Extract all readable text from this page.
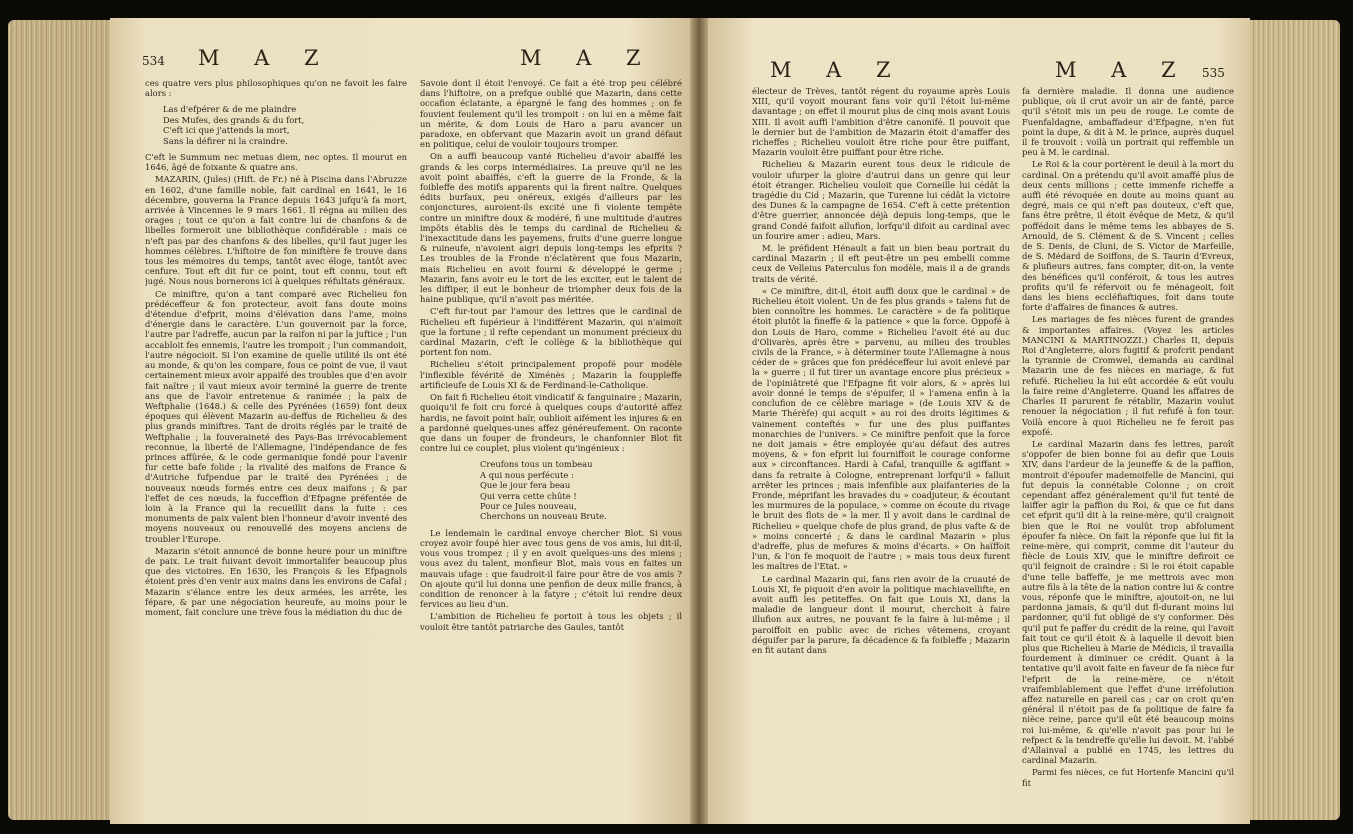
534 M A Z	M A Z	M A Z	M A Z 535

ces quatre vers plus philosophiques qu'on ne favoit les faire alors :

Las d'efpérer & de me plaindre
Des Mufes, des grands & du fort,
C'eft ici que j'attends la mort,
Sans la défirer ni la craindre.

C'eft le Summum nec metuas diem, nec optes. Il mourut en 1646, âgé de foixante & quatre ans.

MAZARIN, (Jules) (Hift. de Fr.) né à Piscina dans l'Abruzze en 1602, d'une famille noble, fait cardinal en 1641, le 16 décembre, gouverna la France depuis 1643 jufqu'à fa mort, arrivée à Vincennes le 9 mars 1661. Il régna au milieu des orages ; tout ce qu'on a fait contre lui de chanfons & de libelles formeroit une bibliothèque confidérable : mais ce n'eft pas par des chanfons & des libelles, qu'il faut juger les hommes célèbres. L'hiftoire de fon miniftère fe trouve dans tous les mémoires du temps, tantôt avec éloge, tantôt avec cenfure. Tout eft dit fur ce point, tout eft connu, tout eft jugé. Nous nous bornerons ici à quelques réfultats généraux.

Ce miniftre, qu'on a tant comparé avec Richelieu fon prédéceffeur & fon protecteur, avoit fans doute moins d'étendue d'efprit, moins d'élévation dans l'ame, moins d'énergie dans le caractère. L'un gouvernoit par la force, l'autre par l'adreffe, aucun par la raifon ni par la juftice ; l'un accabloit fes ennemis, l'autre les trompoit ; l'un commandoit, l'autre négocioit. Si l'on examine de quelle utilité ils ont été au monde, & qu'on les compare, fous ce point de vue, il vaut certainement mieux avoir appaifé des troubles que d'en avoir fait naître ; il vaut mieux avoir terminé la guerre de trente ans que de l'avoir entretenue & ranimée ; la paix de Weftphalie (1648.) & celle des Pyrénées (1659) font deux époques qui élèvent Mazarin au-deffus de Richelieu & des plus grands miniftres. Tant de droits réglés par le traité de Weftphalie ; la fouveraineté des Pays-Bas irrévocablement reconnue, la liberté de l'Allemagne, l'indépendance de fes princes affûrée, & le code germanique fondé pour l'avenir fur cette bafe folide ; la rivalité des maifons de France & d'Autriche fufpendue par le traité des Pyrénées ; de nouveaux nœuds formés entre ces deux maifons ; & par l'effet de ces nœuds, la fucceffion d'Efpagne préfentée de loin à la France qui la recueillit dans la fuite : ces monuments de paix valent bien l'honneur d'avoir inventé des moyens nouveaux ou renouvellé des moyens anciens de troubler l'Europe.

Mazarin s'étoit annoncé de bonne heure pour un miniftre de paix. Le trait fuivant devoit immortalifer beaucoup plus que des victoires. En 1630, les François & les Efpagnols étoient près d'en venir aux mains dans les environs de Cafal ; Mazarin s'élance entre les deux armées, les arrête, les fépare, & par une négociation heureufe, au moins pour le moment, fait conclure une trève fous la médiation du duc de

Savoie dont il étoit l'envoyé. Ce fait a été trop peu célébré dans l'hiftoire, on a prefque oublié que Mazarin, dans cette occafion éclatante, a épargné le fang des hommes ; on fe fouvient feulement qu'il les trompoit : on lui en a même fait un mérite, & dom Louis de Haro a paru avancer un paradoxe, en obfervant que Mazarin avoit un grand défaut en politique, celui de vouloir toujours tromper.

On a auffi beaucoup vanté Richelieu d'avoir abaiffé les grands & les corps intermédiaires. La preuve qu'il ne les avoit point abaiffés, c'eft la guerre de la Fronde, & la foibleffe des motifs apparents qui la firent naître. Quelques édits burfaux, peu onéreux, exigés d'ailleurs par les conjonctures, auroient-ils excité une fi violente tempête contre un miniftre doux & modéré, fi une multitude d'autres impôts établis dès le temps du cardinal de Richelieu & l'inexactitude dans les payemens, fruits d'une guerre longue & ruineufe, n'avoient aigri depuis long-temps les efprits ? Les troubles de la Fronde n'éclatèrent que fous Mazarin, mais Richelieu en avoit fourni & développé le germe ; Mazarin, fans avoir eu le tort de les exciter, eut le talent de les diffiper, il eut le bonheur de triompher deux fois de la haine publique, qu'il n'avoit pas méritée.

C'eft fur-tout par l'amour des lettres que le cardinal de Richelieu eft fupérieur à l'indifférent Mazarin, qui n'aimoit que la fortune ; il refte cependant un monument précieux du cardinal Mazarin, c'eft le collège & la bibliothèque qui portent fon nom.

Richelieu s'étoit principalement propofé pour modèle l'inflexible févérité de Ximénès ; Mazarin la fouppleffe artificieufe de Louis XI & de Ferdinand-le-Catholique.

On fait fi Richelieu étoit vindicatif & fanguinaire ; Mazarin, quoiqu'il fe foit cru forcé à quelques coups d'autorité affez hardis, ne favoit point haïr, oublioit aifément les injures & en a pardonné quelques-unes affez généreufement. On raconte que dans un fouper de frondeurs, le chanfonnier Blot fit contre lui ce couplet, plus violent qu'ingénieux :

Creufons tous un tombeau
A qui nous perfécute :
Que le jour fera beau
Qui verra cette chûte !
Pour ce Jules nouveau,
Cherchons un nouveau Brute.

Le lendemain le cardinal envoye chercher Blot. Si vous croyez avoir foupé hier avec tous gens de vos amis, lui dit-il, vous vous trompez ; il y en avoit quelques-uns des miens ; vous avez du talent, monfieur Blot, mais vous en faites un mauvais ufage : que faudroit-il faire pour être de vos amis ? On ajoute qu'il lui donna une penfion de deux mille francs, à condition de renoncer à la fatyre ; c'étoit lui rendre deux fervices au lieu d'un.

L'ambition de Richelieu fe portoit à tous les objets ; il vouloit être tantôt patriarche des Gaules, tantôt

électeur de Trèves, tantôt régent du royaume après Louis XIII, qu'il voyoit mourant fans voir qu'il l'étoit lui-même davantage ; on effet il mourut plus de cinq mois avant Louis XIII. Il avoit auffi l'ambition d'être canonifé. Il pouvoit que le dernier but de l'ambition de Mazarin étoit d'amaffer des richeffes ; Richelieu vouloit être riche pour être puiffant, Mazarin vouloit être puiffant pour être riche.

Richelieu & Mazarin eurent tous deux le ridicule de vouloir ufurper la gloire d'autrui dans un genre qui leur étoit étranger. Richelieu vouloit que Corneille lui cédât la tragédie du Cid ; Mazarin, que Turenne lui cédât la victoire des Dunes & la campagne de 1654. C'eft à cette prétention d'être guerrier, annoncée déjà depuis long-temps, que le grand Condé faifoit allufion, lorfqu'il difoit au cardinal avec un fourire amer : adieu, Mars.

M. le préfident Hénault a fait un bien beau portrait du cardinal Mazarin ; il eft peut-être un peu embelli comme ceux de Velleius Paterculus fon modèle, mais il a de grands traits de vérité.

« Ce miniftre, dit-il, étoit auffi doux que le cardinal » de Richelieu étoit violent. Un de fes plus grands » talens fut de bien connoître les hommes. Le caractère » de fa politique étoit plutôt la fineffe & la patience » que la force. Oppofé à don Louis de Haro, comme » Richelieu l'avoit été au duc d'Olivarès, après être » parvenu, au milieu des troubles civils de la France, » à déterminer toute l'Allemagne à nous céder de » grâces que fon prédéceffeur lui avoit enlevé par la » guerre ; il fut tirer un avantage encore plus précieux » de l'opiniâtreté que l'Efpagne fit voir alors, & » après lui avoir donné le temps de s'épuifer, il » l'amena enfin à la conclufion de ce célèbre mariage » (de Louis XIV & de Marie Thérèfe) qui acquit » au roi des droits légitimes & vainement conteftés » fur une des plus puiffantes monarchies de l'univers. » Ce miniftre penfoit que la force ne doit jamais » être employée qu'au défaut des autres moyens, & » fon efprit lui fourniffoit le courage conforme aux » circonftances. Hardi à Cafal, tranquille & agiffant » dans fa retraite à Cologne, entreprenant lorfqu'il » falluit arrêter les princes ; mais infenfible aux plaifanteries de la Fronde, méprifant les bravades du » coadjuteur, & écoutant les murmures de la populace, » comme on écoute du rivage le bruit des flots de » la mer. Il y avoit dans le cardinal de Richelieu » quelque chofe de plus grand, de plus vafte & de » moins concerté ; & dans le cardinal Mazarin » plus d'adreffe, plus de mefures & moins d'écarts. » On haïffoit l'un, & l'on fe moquoit de l'autre ; » mais tous deux furent les maîtres de l'Etat. »

Le cardinal Mazarin qui, fans rien avoir de la cruauté de Louis XI, fe piquoit d'en avoir la politique machiavellifte, en avoit auffi les petiteffes. On fait que Louis XI, dans la maladie de langueur dont il mourut, cherchoit à faire illufion aux autres, ne pouvant fe la faire à lui-même ; il paroiffoit en public avec de riches vêtemens, croyant déguifer par la parure, fa décadence & fa foibleffe ; Mazarin en fit autant dans

fa dernière maladie. Il donna une audience publique, où il crut avoir un air de fanté, parce qu'il s'étoit mis un peu de rouge. Le comte de Fuenfaldagne, ambaffadeur d'Efpagne, n'en fut point la dupe, & dit à M. le prince, auprès duquel il fe trouvoit : voilà un portrait qui reffemble un peu à M. le cardinal.

Le Roi & la cour portèrent le deuil à la mort du cardinal. On a prétendu qu'il avoit amaffé plus de deux cents millions ; cette immenfe richeffe a auffi été révoquée en doute au moins quant au degré, mais ce qui n'eft pas douteux, c'eft que, fans être prêtre, il étoit évêque de Metz, & qu'il poffédoit dans le même tems les abbayes de S. Arnould, de S. Clément & de S. Vincent ; celles de S. Denis, de Cluni, de S. Victor de Marfeille, de S. Médard de Soiffons, de S. Taurin d'Evreux, & plufieurs autres, fans compter, dit-on, la vente des bénéfices qu'il conféroit, & tous les autres profits qu'il fe réfervoit ou fe ménageoit, foit dans les biens eccléfiaftiques, foit dans toute forte d'affaires de finances & autres.

Les mariages de fes nièces furent de grandes & importantes affaires. (Voyez les articles MANCINI & MARTINOZZI.) Charles II, depuis Roi d'Angleterre, alors fugitif & profcrit pendant la tyrannie de Cromwel, demanda au cardinal Mazarin une de fes nièces en mariage, & fut refufé. Richelieu la lui eût accordée & eût voulu la faire reine d'Angleterre. Quand les affaires de Charles II parurent fe rétablir, Mazarin voulut renouer la négociation ; il fut refufé à fon tour. Voilà encore à quoi Richelieu ne fe feroit pas expofé.

Le cardinal Mazarin dans fes lettres, paroît s'oppofer de bien bonne foi au defir que Louis XIV, dans l'ardeur de la jeuneffe & de la paffion, montroit d'époufer mademoifelle de Mancini, qui fut depuis la connétable Colonne ; on croit cependant affez généralement qu'il fut tenté de laiffer agir la paffion du Roi, & que ce fut dans cet efprit qu'il dit à la reine-mère, qu'il craignoit bien que le Roi ne voulût trop abfolument époufer fa nièce. On fait la réponfe que lui fit la reine-mère, qui comprit, comme dit l'auteur du fiècle de Louis XIV, que le miniftre defiroit ce qu'il feignoit de craindre : Si le roi étoit capable d'une telle baffeffe, je me mettrois avec mon autre fils à la tête de la nation contre lui & contre vous, réponfe que le miniftre, ajoutoit-on, ne lui pardonna jamais, & qu'il dut fl-durant moins lui pardonner, qu'il fut obligé de s'y conformer. Dès qu'il put fe paffer du crédit de la reine, qui l'avoit fait tout ce qu'il étoit & à laquelle il devoit bien plus que Richelieu à Marie de Médicis, il travailla fourdement à diminuer ce crédit. Quant à la tentative qu'il avoit faite en faveur de fa nièce fur l'efprit de la reine-mère, ce n'étoit vraifemblablement que l'effet d'une irréfolution affez naturelle en pareil cas ; car on croit qu'en général il n'étoit pas de fa politique de faire fa nièce reine, parce qu'il eût été beaucoup moins roi lui-même, & qu'elle n'avoit pas pour lui le refpect & la tendreffe qu'elle lui devoit. M. l'abbé d'Allainval a publié en 1745, les lettres du cardinal Mazarin.

Parmi fes nièces, ce fut Hortenfe Mancini qu'il fit
